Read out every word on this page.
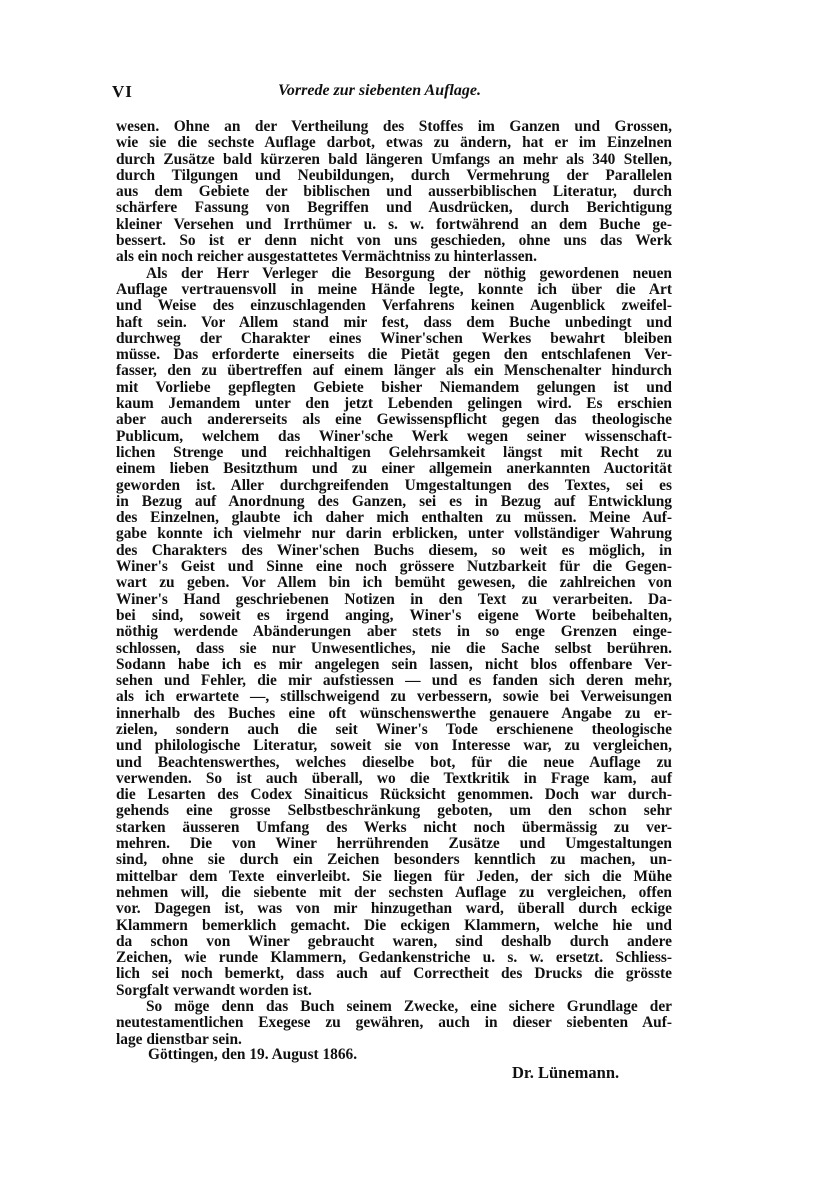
VI	Vorrede zur siebenten Auflage.
wesen. Ohne an der Vertheilung des Stoffes im Ganzen und Grossen,
wie sie die sechste Auflage darbot, etwas zu ändern, hat er im Einzelnen
durch Zusätze bald kürzeren bald längeren Umfangs an mehr als 340 Stellen,
durch Tilgungen und Neubildungen, durch Vermehrung der Parallelen
aus dem Gebiete der biblischen und ausserbiblischen Literatur, durch
schärfere Fassung von Begriffen und Ausdrücken, durch Berichtigung
kleiner Versehen und Irrthümer u. s. w. fortwährend an dem Buche ge-
bessert. So ist er denn nicht von uns geschieden, ohne uns das Werk
als ein noch reicher ausgestattetes Vermächtniss zu hinterlassen.
Als der Herr Verleger die Besorgung der nöthig gewordenen neuen
Auflage vertrauensvoll in meine Hände legte, konnte ich über die Art
und Weise des einzuschlagenden Verfahrens keinen Augenblick zweifel-
haft sein. Vor Allem stand mir fest, dass dem Buche unbedingt und
durchweg der Charakter eines Winer'schen Werkes bewahrt bleiben
müsse. Das erforderte einerseits die Pietät gegen den entschlafenen Ver-
fasser, den zu übertreffen auf einem länger als ein Menschenalter hindurch
mit Vorliebe gepflegten Gebiete bisher Niemandem gelungen ist und
kaum Jemandem unter den jetzt Lebenden gelingen wird. Es erschien
aber auch andererseits als eine Gewissenspflicht gegen das theologische
Publicum, welchem das Winer'sche Werk wegen seiner wissenschaft-
lichen Strenge und reichhaltigen Gelehrsamkeit längst mit Recht zu
einem lieben Besitzthum und zu einer allgemein anerkannten Auctorität
geworden ist. Aller durchgreifenden Umgestaltungen des Textes, sei es
in Bezug auf Anordnung des Ganzen, sei es in Bezug auf Entwicklung
des Einzelnen, glaubte ich daher mich enthalten zu müssen. Meine Auf-
gabe konnte ich vielmehr nur darin erblicken, unter vollständiger Wahrung
des Charakters des Winer'schen Buchs diesem, so weit es möglich, in
Winer's Geist und Sinne eine noch grössere Nutzbarkeit für die Gegen-
wart zu geben. Vor Allem bin ich bemüht gewesen, die zahlreichen von
Winer's Hand geschriebenen Notizen in den Text zu verarbeiten. Da-
bei sind, soweit es irgend anging, Winer's eigene Worte beibehalten,
nöthig werdende Abänderungen aber stets in so enge Grenzen einge-
schlossen, dass sie nur Unwesentliches, nie die Sache selbst berühren.
Sodann habe ich es mir angelegen sein lassen, nicht blos offenbare Ver-
sehen und Fehler, die mir aufstiessen — und es fanden sich deren mehr,
als ich erwartete —, stillschweigend zu verbessern, sowie bei Verweisungen
innerhalb des Buches eine oft wünschenswerthe genauere Angabe zu er-
zielen, sondern auch die seit Winer's Tode erschienene theologische
und philologische Literatur, soweit sie von Interesse war, zu vergleichen,
und Beachtenswerthes, welches dieselbe bot, für die neue Auflage zu
verwenden. So ist auch überall, wo die Textkritik in Frage kam, auf
die Lesarten des Codex Sinaiticus Rücksicht genommen. Doch war durch-
gehends eine grosse Selbstbeschränkung geboten, um den schon sehr
starken äusseren Umfang des Werks nicht noch übermässig zu ver-
mehren. Die von Winer herrührenden Zusätze und Umgestaltungen
sind, ohne sie durch ein Zeichen besonders kenntlich zu machen, un-
mittelbar dem Texte einverleibt. Sie liegen für Jeden, der sich die Mühe
nehmen will, die siebente mit der sechsten Auflage zu vergleichen, offen
vor. Dagegen ist, was von mir hinzugethan ward, überall durch eckige
Klammern bemerklich gemacht. Die eckigen Klammern, welche hie und
da schon von Winer gebraucht waren, sind deshalb durch andere
Zeichen, wie runde Klammern, Gedankenstriche u. s. w. ersetzt. Schliess-
lich sei noch bemerkt, dass auch auf Correctheit des Drucks die grösste
Sorgfalt verwandt worden ist.
So möge denn das Buch seinem Zwecke, eine sichere Grundlage der
neutestamentlichen Exegese zu gewähren, auch in dieser siebenten Auf-
lage dienstbar sein.
Göttingen, den 19. August 1866.
Dr. Lünemann.
